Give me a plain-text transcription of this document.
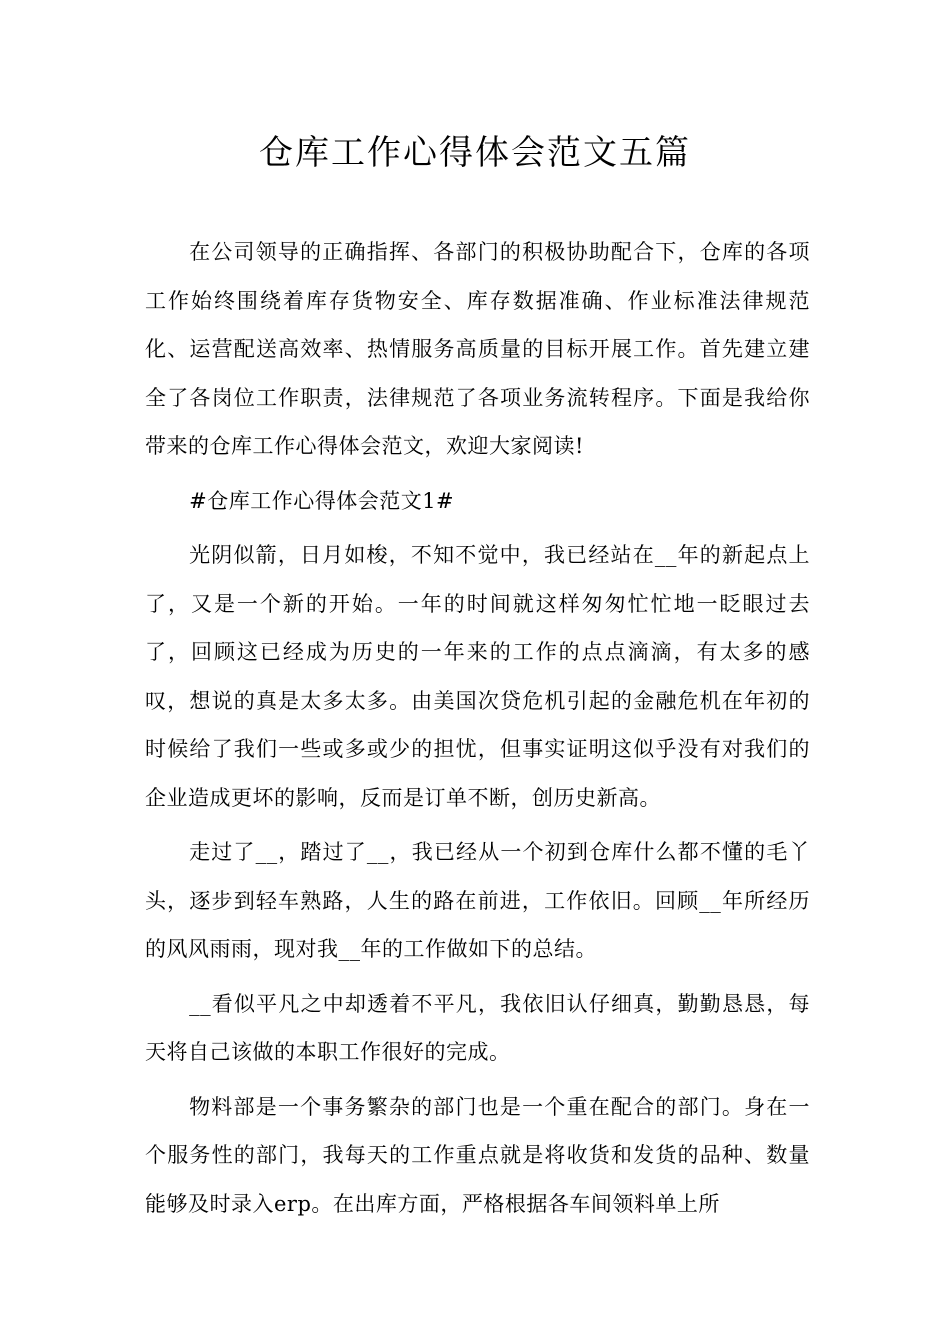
仓库工作心得体会范文五篇

在公司领导的正确指挥、各部门的积极协助配合下，仓库的各项工作始终围绕着库存货物安全、库存数据准确、作业标准法律规范化、运营配送高效率、热情服务高质量的目标开展工作。首先建立建全了各岗位工作职责，法律规范了各项业务流转程序。下面是我给你带来的仓库工作心得体会范文，欢迎大家阅读!

#仓库工作心得体会范文1#

光阴似箭，日月如梭，不知不觉中，我已经站在__年的新起点上了，又是一个新的开始。一年的时间就这样匆匆忙忙地一眨眼过去了，回顾这已经成为历史的一年来的工作的点点滴滴，有太多的感叹，想说的真是太多太多。由美国次贷危机引起的金融危机在年初的时候给了我们一些或多或少的担忧，但事实证明这似乎没有对我们的企业造成更坏的影响，反而是订单不断，创历史新高。

走过了__，踏过了__，我已经从一个初到仓库什么都不懂的毛丫头，逐步到轻车熟路，人生的路在前进，工作依旧。回顾__年所经历的风风雨雨，现对我__年的工作做如下的总结。

__看似平凡之中却透着不平凡，我依旧认仔细真，勤勤恳恳，每天将自己该做的本职工作很好的完成。

物料部是一个事务繁杂的部门也是一个重在配合的部门。身在一个服务性的部门，我每天的工作重点就是将收货和发货的品种、数量能够及时录入erp。在出库方面，严格根据各车间领料单上所
